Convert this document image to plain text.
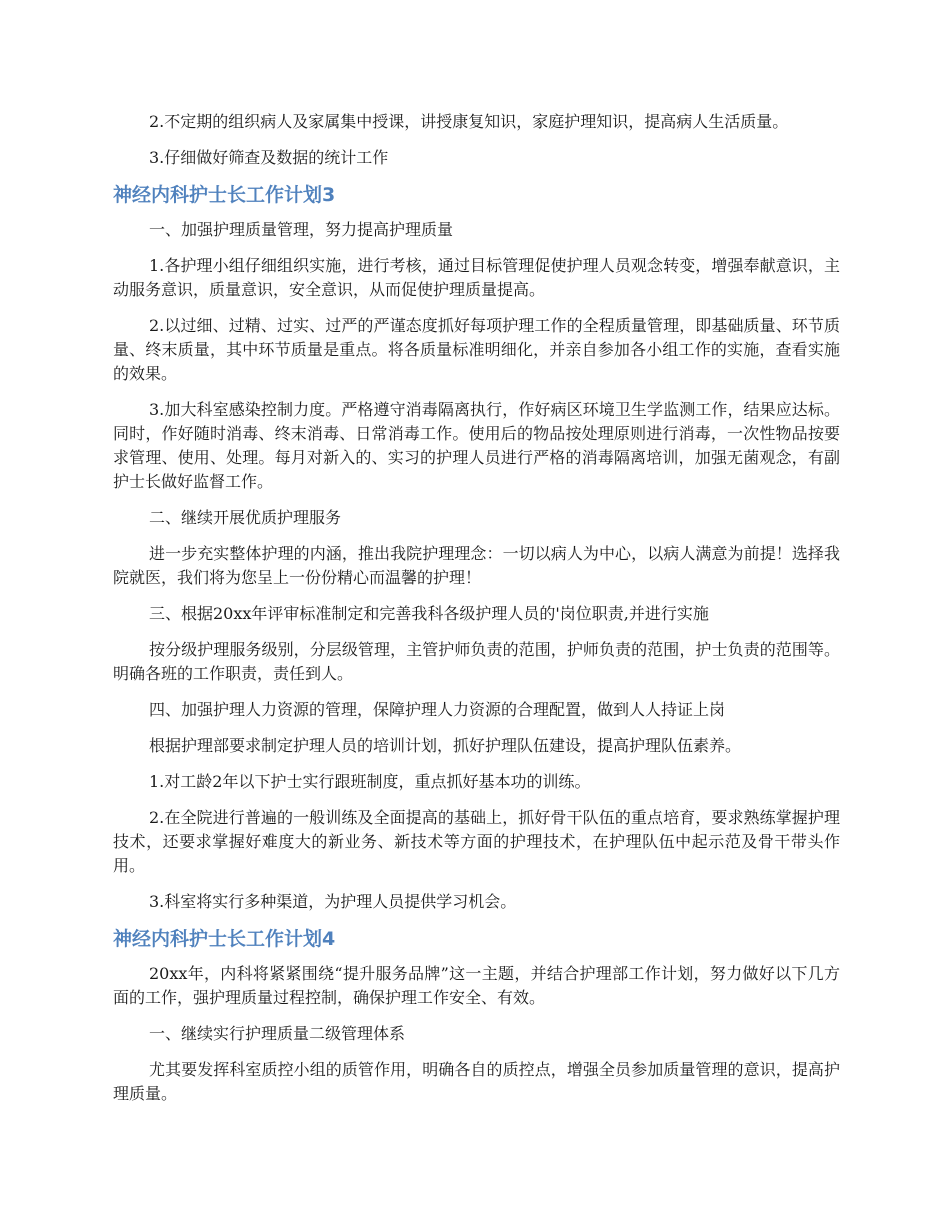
2.不定期的组织病人及家属集中授课，讲授康复知识，家庭护理知识，提高病人生活质量。

3.仔细做好筛查及数据的统计工作

神经内科护士长工作计划3

一、加强护理质量管理，努力提高护理质量

1.各护理小组仔细组织实施，进行考核，通过目标管理促使护理人员观念转变，增强奉献意识，主动服务意识，质量意识，安全意识，从而促使护理质量提高。

2.以过细、过精、过实、过严的严谨态度抓好每项护理工作的全程质量管理，即基础质量、环节质量、终末质量，其中环节质量是重点。将各质量标准明细化，并亲自参加各小组工作的实施，查看实施的效果。

3.加大科室感染控制力度。严格遵守消毒隔离执行，作好病区环境卫生学监测工作，结果应达标。同时，作好随时消毒、终末消毒、日常消毒工作。使用后的物品按处理原则进行消毒，一次性物品按要求管理、使用、处理。每月对新入的、实习的护理人员进行严格的消毒隔离培训，加强无菌观念，有副护士长做好监督工作。

二、继续开展优质护理服务

进一步充实整体护理的内涵，推出我院护理理念：一切以病人为中心，以病人满意为前提！选择我院就医，我们将为您呈上一份份精心而温馨的护理！

三、根据20xx年评审标准制定和完善我科各级护理人员的'岗位职责,并进行实施

按分级护理服务级别，分层级管理，主管护师负责的范围，护师负责的范围，护士负责的范围等。明确各班的工作职责，责任到人。

四、加强护理人力资源的管理，保障护理人力资源的合理配置，做到人人持证上岗

根据护理部要求制定护理人员的培训计划，抓好护理队伍建设，提高护理队伍素养。

1.对工龄2年以下护士实行跟班制度，重点抓好基本功的训练。

2.在全院进行普遍的一般训练及全面提高的基础上，抓好骨干队伍的重点培育，要求熟练掌握护理技术，还要求掌握好难度大的新业务、新技术等方面的护理技术，在护理队伍中起示范及骨干带头作用。

3.科室将实行多种渠道，为护理人员提供学习机会。

神经内科护士长工作计划4

20xx年，内科将紧紧围绕“提升服务品牌”这一主题，并结合护理部工作计划，努力做好以下几方面的工作，强护理质量过程控制，确保护理工作安全、有效。

一、继续实行护理质量二级管理体系

尤其要发挥科室质控小组的质管作用，明确各自的质控点，增强全员参加质量管理的意识，提高护理质量。
